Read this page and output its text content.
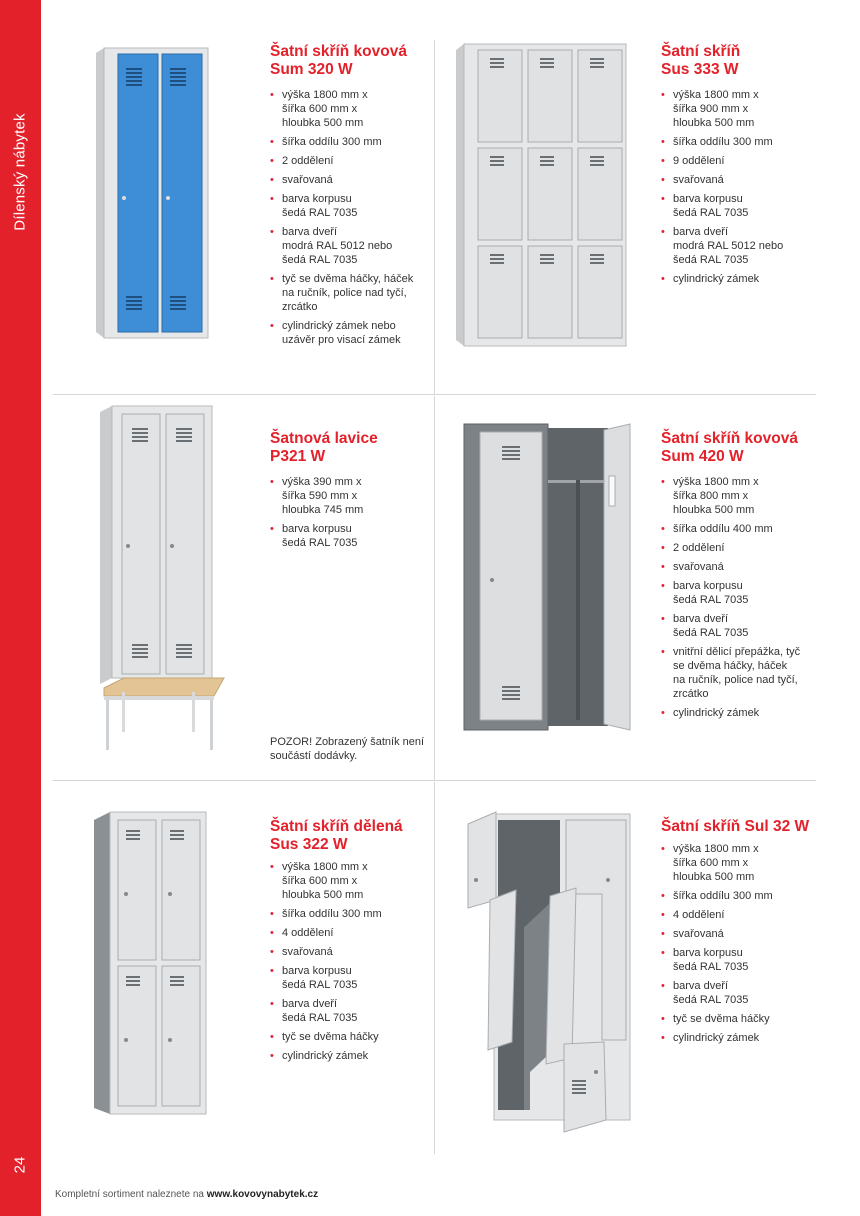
Dílenský nábytek
24
Šatní skříň kovová
Sum 320 W
• výška 1800 mm x
šířka 600 mm x
hloubka 500 mm
• šířka oddílu 300 mm
• 2 oddělení
• svařovaná
• barva korpusu
šedá RAL 7035
• barva dveří
modrá RAL 5012 nebo
šedá RAL 7035
• tyč se dvěma háčky, háček
na ručník, police nad tyčí,
zrcátko
• cylindrický zámek nebo
uzávěr pro visací zámek
Šatní skříň
Sus 333 W
• výška 1800 mm x
šířka 900 mm x
hloubka 500 mm
• šířka oddílu 300 mm
• 9 oddělení
• svařovaná
• barva korpusu
šedá RAL 7035
• barva dveří
modrá RAL 5012 nebo
šedá RAL 7035
• cylindrický zámek
Šatnová lavice
P321 W
• výška 390 mm x
šířka 590 mm x
hloubka 745 mm
• barva korpusu
šedá RAL 7035
POZOR! Zobrazený šatník není
součástí dodávky.
Šatní skříň kovová
Sum 420 W
• výška 1800 mm x
šířka 800 mm x
hloubka 500 mm
• šířka oddílu 400 mm
• 2 oddělení
• svařovaná
• barva korpusu
šedá RAL 7035
• barva dveří
šedá RAL 7035
• vnitřní dělicí přepážka, tyč
se dvěma háčky, háček
na ručník, police nad tyčí,
zrcátko
• cylindrický zámek
Šatní skříň dělená
Sus 322 W
• výška 1800 mm x
šířka 600 mm x
hloubka 500 mm
• šířka oddílu 300 mm
• 4 oddělení
• svařovaná
• barva korpusu
šedá RAL 7035
• barva dveří
šedá RAL 7035
• tyč se dvěma háčky
• cylindrický zámek
Šatní skříň Sul 32 W
• výška 1800 mm x
šířka 600 mm x
hloubka 500 mm
• šířka oddílu 300 mm
• 4 oddělení
• svařovaná
• barva korpusu
šedá RAL 7035
• barva dveří
šedá RAL 7035
• tyč se dvěma háčky
• cylindrický zámek
Kompletní sortiment naleznete na www.kovovynabytek.cz
